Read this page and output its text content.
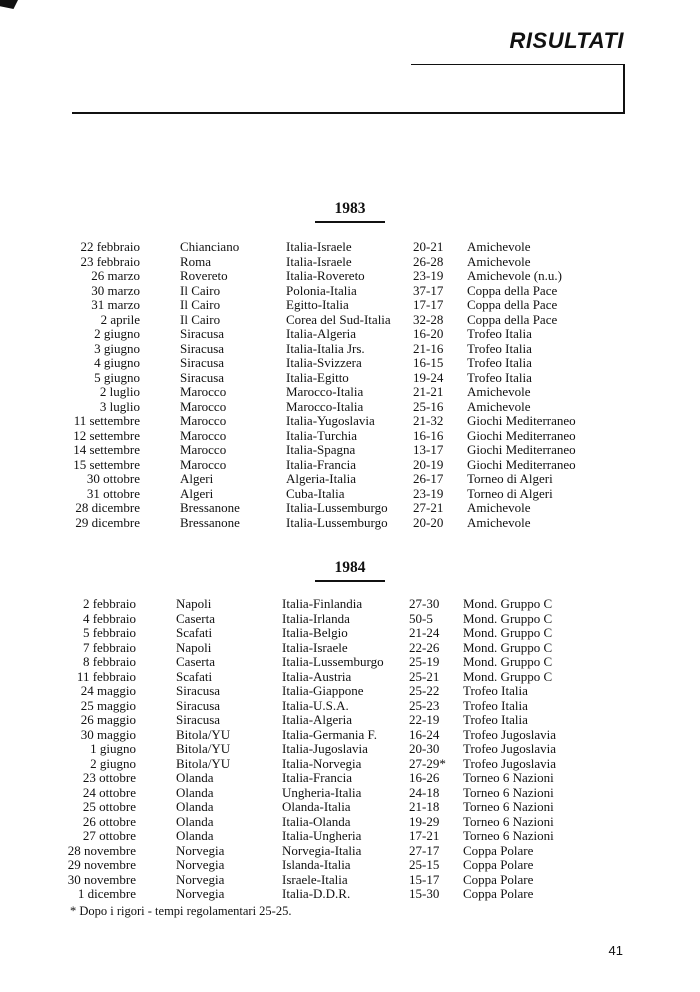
RISULTATI
1983
22 febbraio	Chianciano	Italia-Israele	20-21 Amichevole
23 febbraio	Roma	Italia-Israele	26-28 Amichevole
26 marzo	Rovereto	Italia-Rovereto	23-19 Amichevole (n.u.)
30 marzo	Il Cairo	Polonia-Italia	37-17 Coppa della Pace
31 marzo	Il Cairo	Egitto-Italia	17-17 Coppa della Pace
2 aprile	Il Cairo	Corea del Sud-Italia 32-28 Coppa della Pace
2 giugno	Siracusa	Italia-Algeria	16-20 Trofeo Italia
3 giugno	Siracusa	Italia-Italia Jrs.	21-16 Trofeo Italia
4 giugno	Siracusa	Italia-Svizzera	16-15 Trofeo Italia
5 giugno	Siracusa	Italia-Egitto	19-24 Trofeo Italia
2 luglio	Marocco	Marocco-Italia	21-21 Amichevole
3 luglio	Marocco	Marocco-Italia	25-16 Amichevole
11 settembre	Marocco	Italia-Yugoslavia	21-32 Giochi Mediterraneo
12 settembre	Marocco	Italia-Turchia	16-16 Giochi Mediterraneo
14 settembre	Marocco	Italia-Spagna	13-17 Giochi Mediterraneo
15 settembre	Marocco	Italia-Francia	20-19 Giochi Mediterraneo
30 ottobre	Algeri	Algeria-Italia	26-17 Torneo di Algeri
31 ottobre	Algeri	Cuba-Italia	23-19 Torneo di Algeri
28 dicembre	Bressanone	Italia-Lussemburgo 27-21 Amichevole
29 dicembre	Bressanone	Italia-Lussemburgo 20-20 Amichevole
1984
2 febbraio	Napoli	Italia-Finlandia	27-30 Mond. Gruppo C
4 febbraio	Caserta	Italia-Irlanda	50-5 Mond. Gruppo C
5 febbraio	Scafati	Italia-Belgio	21-24 Mond. Gruppo C
7 febbraio	Napoli	Italia-Israele	22-26 Mond. Gruppo C
8 febbraio	Caserta	Italia-Lussemburgo 25-19 Mond. Gruppo C
11 febbraio	Scafati	Italia-Austria	25-21 Mond. Gruppo C
24 maggio	Siracusa	Italia-Giappone	25-22 Trofeo Italia
25 maggio	Siracusa	Italia-U.S.A.	25-23 Trofeo Italia
26 maggio	Siracusa	Italia-Algeria	22-19 Trofeo Italia
30 maggio	Bitola/YU	Italia-Germania F. 16-24 Trofeo Jugoslavia
1 giugno	Bitola/YU	Italia-Jugoslavia	20-30 Trofeo Jugoslavia
2 giugno	Bitola/YU	Italia-Norvegia	27-29* Trofeo Jugoslavia
23 ottobre	Olanda	Italia-Francia	16-26 Torneo 6 Nazioni
24 ottobre	Olanda	Ungheria-Italia	24-18 Torneo 6 Nazioni
25 ottobre	Olanda	Olanda-Italia	21-18 Torneo 6 Nazioni
26 ottobre	Olanda	Italia-Olanda	19-29 Torneo 6 Nazioni
27 ottobre	Olanda	Italia-Ungheria	17-21 Torneo 6 Nazioni
28 novembre	Norvegia	Norvegia-Italia	27-17 Coppa Polare
29 novembre	Norvegia	Islanda-Italia	25-15 Coppa Polare
30 novembre	Norvegia	Israele-Italia	15-17 Coppa Polare
1 dicembre	Norvegia	Italia-D.D.R.	15-30 Coppa Polare
* Dopo i rigori - tempi regolamentari 25-25.
41
